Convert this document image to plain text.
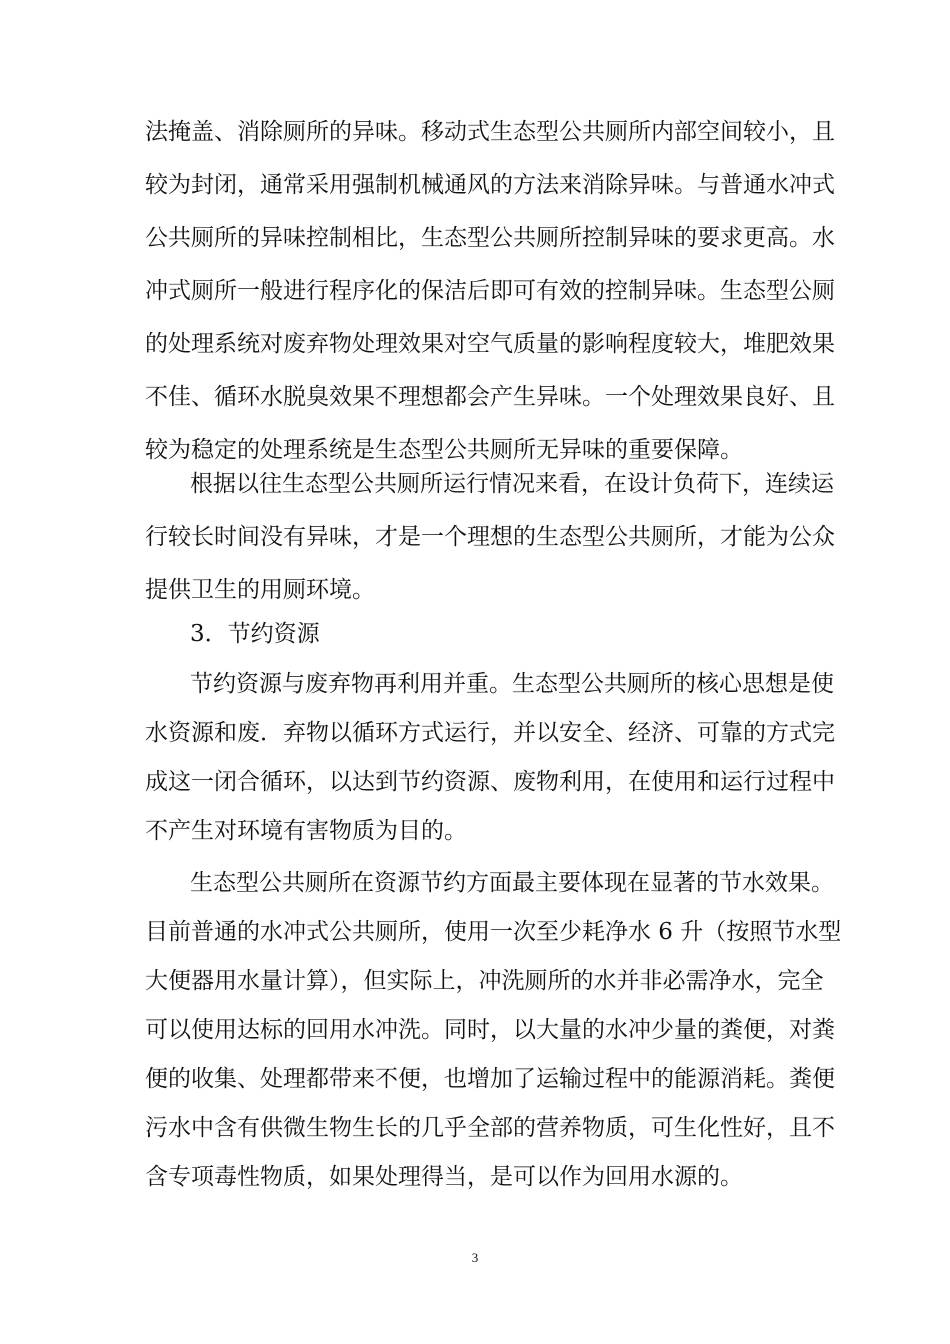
法掩盖、消除厕所的异味。移动式生态型公共厕所内部空间较小，且
较为封闭，通常采用强制机械通风的方法来消除异味。与普通水冲式
公共厕所的异味控制相比，生态型公共厕所控制异味的要求更高。水
冲式厕所一般进行程序化的保洁后即可有效的控制异味。生态型公厕
的处理系统对废弃物处理效果对空气质量的影响程度较大，堆肥效果
不佳、循环水脱臭效果不理想都会产生异味。一个处理效果良好、且
较为稳定的处理系统是生态型公共厕所无异味的重要保障。
根据以往生态型公共厕所运行情况来看，在设计负荷下，连续运
行较长时间没有异味，才是一个理想的生态型公共厕所，才能为公众
提供卫生的用厕环境。
3．节约资源
节约资源与废弃物再利用并重。生态型公共厕所的核心思想是使
水资源和废．弃物以循环方式运行，并以安全、经济、可靠的方式完
成这一闭合循环，以达到节约资源、废物利用，在使用和运行过程中
不产生对环境有害物质为目的。
生态型公共厕所在资源节约方面最主要体现在显著的节水效果。
目前普通的水冲式公共厕所，使用一次至少耗净水 6 升（按照节水型
大便器用水量计算），但实际上，冲洗厕所的水并非必需净水，完全
可以使用达标的回用水冲洗。同时，以大量的水冲少量的粪便，对粪
便的收集、处理都带来不便，也增加了运输过程中的能源消耗。粪便
污水中含有供微生物生长的几乎全部的营养物质，可生化性好，且不
含专项毒性物质，如果处理得当，是可以作为回用水源的。
3
